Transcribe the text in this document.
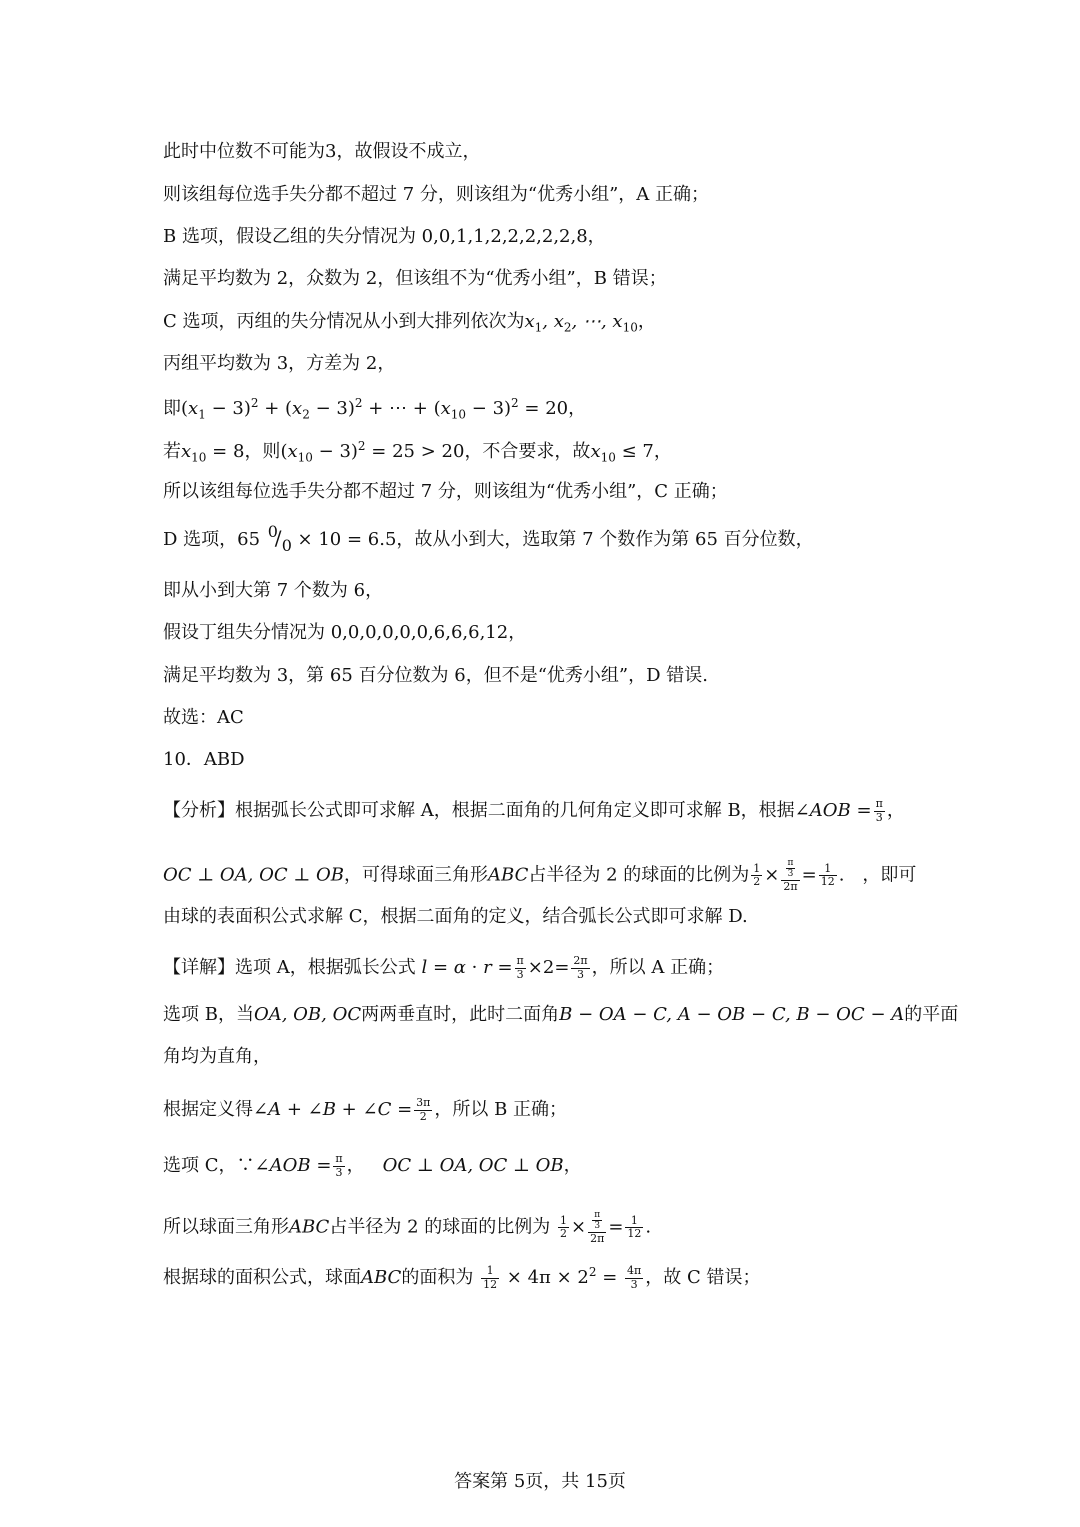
此时中位数不可能为3，故假设不成立，
则该组每位选手失分都不超过 7 分，则该组为“优秀小组”，A 正确；
B 选项，假设乙组的失分情况为 0,0,1,1,2,2,2,2,2,8，
满足平均数为 2，众数为 2，但该组不为“优秀小组”，B 错误；
C 选项，丙组的失分情况从小到大排列依次为$x_1$, $x_2$, ⋯, $x_{10}$，
丙组平均数为 3，方差为 2，
即$(x_1 - 3)^2 + (x_2 - 3)^2$ + ⋯ + $(x_{10} - 3)^2 = 20$，
若$x_{10} = 8$，则$(x_{10} - 3)^2 = 25 > 20$，不合要求，故$x_{10} \le 7$，
所以该组每位选手失分都不超过 7 分，则该组为“优秀小组”，C 正确；
D 选项，65 0
/ 0 × 10 = 6.5，故从小到大，选取第 7 个数作为第 65 百分位数，
即从小到大第 7 个数为 6，
假设丁组失分情况为 0,0,0,0,0,0,6,6,6,12，
满足平均数为 3，第 65 百分位数为 6，但不是“优秀小组”，D 错误.
故选：AC
10．ABD
【分析】根据弧长公式即可求解 A，根据二面角的几何角定义即可求解 B，根据∠AOB = $\frac{\pi}{3}$ ，
OC ⊥ OA, OC ⊥ OB，可得球面三角形ABC占半径为 2 的球面的比例为 $\frac{1}{2} \times \frac{\frac{\pi}{3}}{2\pi} = \frac{1}{12}$ .　，即可
由球的表面积公式求解 C，根据二面角的定义，结合弧长公式即可求解 D.
【详解】选项 A，根据弧长公式 $l = \alpha \cdot r = \frac{\pi}{3} \times 2= \frac{2\pi}{3}$ ，所以 A 正确；
选项 B，当OA, OB, OC两两垂直时，此时二面角B − OA − C, A − OB − C, B − OC − A的平面
角均为直角，
根据定义得∠A + ∠B + ∠C = $\frac{3\pi}{2}$ ，所以 B 正确；
选项 C，∵∠AOB = $\frac{\pi}{3}$ ，  OC ⊥ OA, OC ⊥ OB，
所以球面三角形ABC占半径为 2 的球面的比例为 $\frac{1}{2} \times \frac{\frac{\pi}{3}}{2\pi} = \frac{1}{12}$ .
根据球的面积公式，球面ABC的面积为 $\frac{1}{12} \times 4\pi \times 2^2 = \frac{4\pi}{3}$ ，故 C 错误；
答案第 5页，共 15页
